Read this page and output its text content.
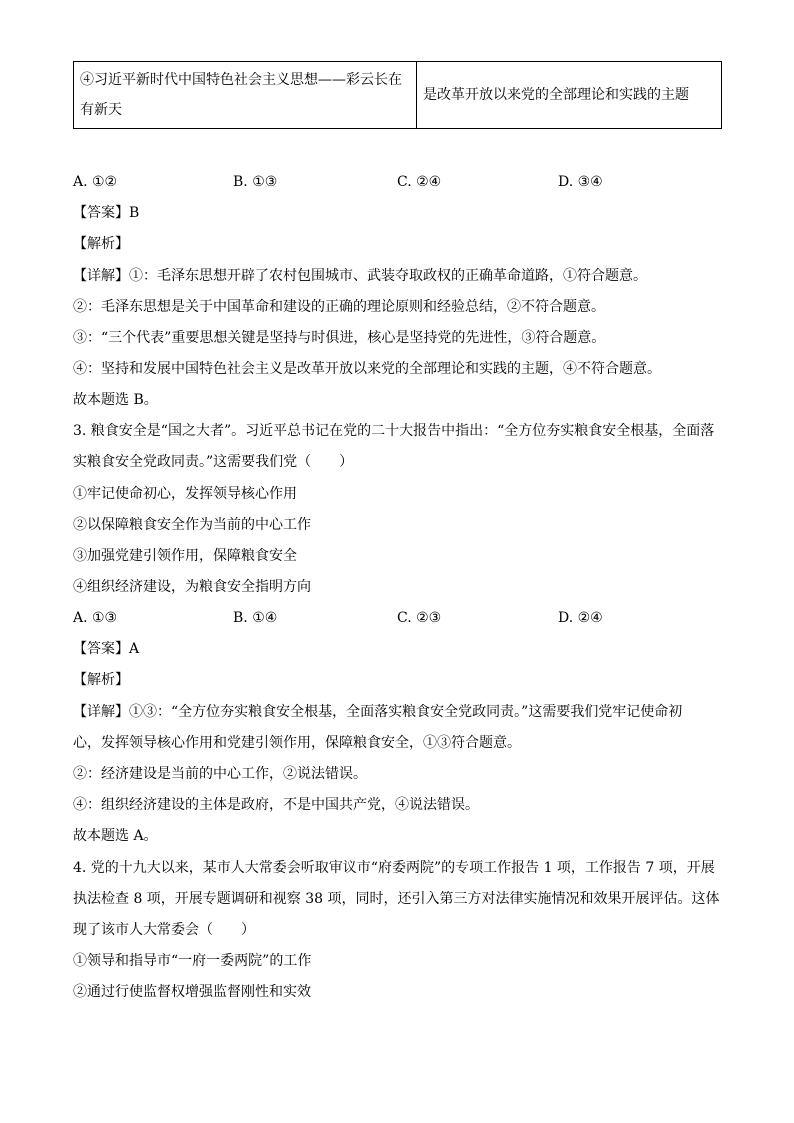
④习近平新时代中国特色社会主义思想——彩云长在有新天	是改革开放以来党的全部理论和实践的主题
A. ①②	B. ①③	C. ②④	D. ③④
【答案】B
【解析】
【详解】①：毛泽东思想开辟了农村包围城市、武装夺取政权的正确革命道路，①符合题意。
②：毛泽东思想是关于中国革命和建设的正确的理论原则和经验总结，②不符合题意。
③：“三个代表”重要思想关键是坚持与时俱进，核心是坚持党的先进性，③符合题意。
④：坚持和发展中国特色社会主义是改革开放以来党的全部理论和实践的主题，④不符合题意。
故本题选 B。
3. 粮食安全是“国之大者”。习近平总书记在党的二十大报告中指出：“全方位夯实粮食安全根基，全面落
实粮食安全党政同责。”这需要我们党（　　）
①牢记使命初心，发挥领导核心作用
②以保障粮食安全作为当前的中心工作
③加强党建引领作用，保障粮食安全
④组织经济建设，为粮食安全指明方向
A. ①③	B. ①④	C. ②③	D. ②④
【答案】A
【解析】
【详解】①③：“全方位夯实粮食安全根基，全面落实粮食安全党政同责。”这需要我们党牢记使命初
心，发挥领导核心作用和党建引领作用，保障粮食安全，①③符合题意。
②：经济建设是当前的中心工作，②说法错误。
④：组织经济建设的主体是政府，不是中国共产党，④说法错误。
故本题选 A。
4. 党的十九大以来，某市人大常委会听取审议市“府委两院”的专项工作报告 1 项，工作报告 7 项，开展
执法检查 8 项，开展专题调研和视察 38 项，同时，还引入第三方对法律实施情况和效果开展评估。这体
现了该市人大常委会（　　）
①领导和指导市“一府一委两院”的工作
②通过行使监督权增强监督刚性和实效
